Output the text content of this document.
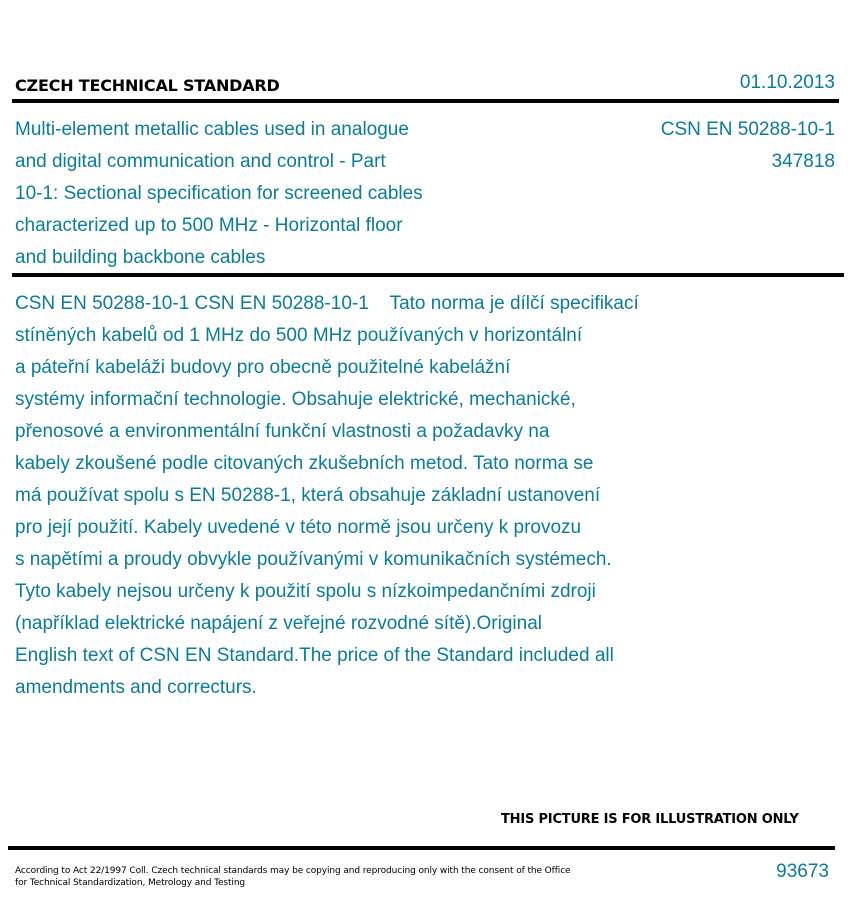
CZECH TECHNICAL STANDARD	01.10.2013
Multi-element metallic cables used in analogue
and digital communication and control - Part
10-1: Sectional specification for screened cables
characterized up to 500 MHz - Horizontal floor
and building backbone cables
CSN EN 50288-10-1
347818
CSN EN 50288-10-1 CSN EN 50288-10-1    Tato norma je dílčí specifikací
stíněných kabelů od 1 MHz do 500 MHz používaných v horizontální
a páteřní kabeláži budovy pro obecně použitelné kabelážní
systémy informační technologie. Obsahuje elektrické, mechanické,
přenosové a environmentální funkční vlastnosti a požadavky na
kabely zkoušené podle citovaných zkušebních metod. Tato norma se
má používat spolu s EN 50288-1, která obsahuje základní ustanovení
pro její použití. Kabely uvedené v této normě jsou určeny k provozu
s napětími a proudy obvykle používanými v komunikačních systémech.
Tyto kabely nejsou určeny k použití spolu s nízkoimpedančními zdroji
(například elektrické napájení z veřejné rozvodné sítě).Original
English text of CSN EN Standard.The price of the Standard included all
amendments and correcturs.
THIS PICTURE IS FOR ILLUSTRATION ONLY
According to Act 22/1997 Coll. Czech technical standards may be copying and reproducing only with the consent of the Office
for Technical Standardization, Metrology and Testing
93673
